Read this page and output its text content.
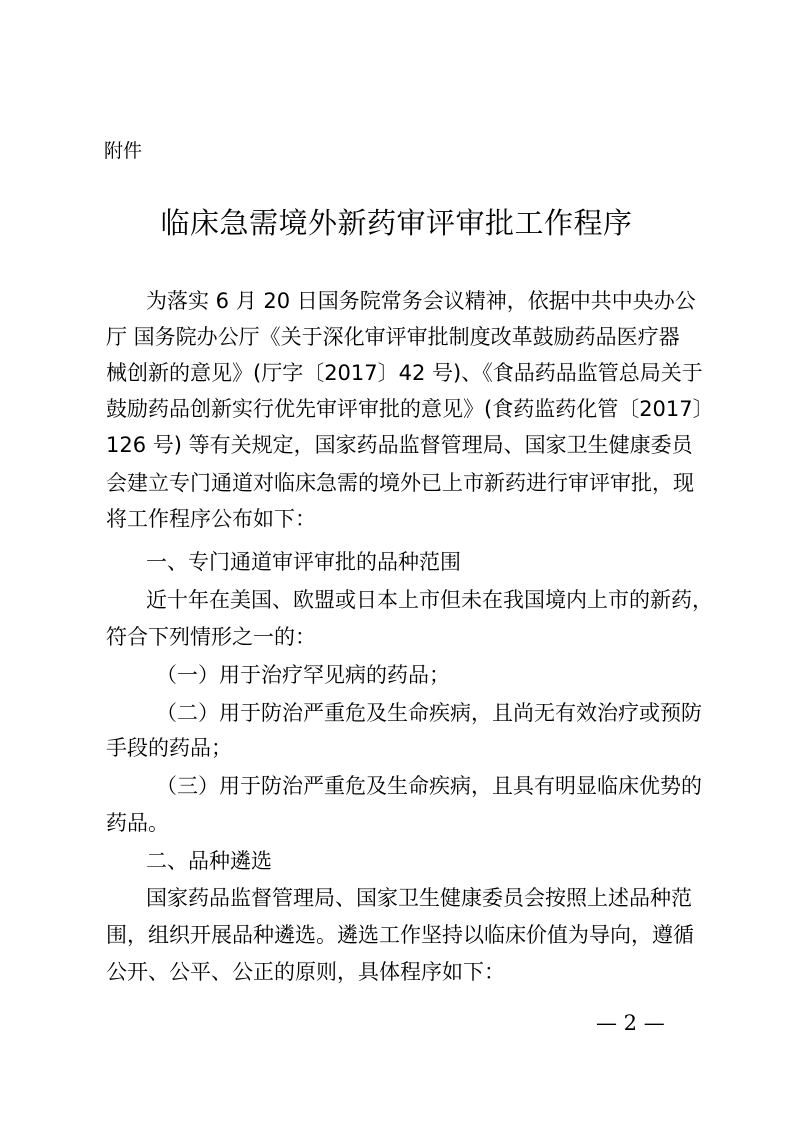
附件
临床急需境外新药审评审批工作程序
为落实 6 月 20 日国务院常务会议精神，依据中共中央办公
厅 国务院办公厅《关于深化审评审批制度改革鼓励药品医疗器
械创新的意见》(厅字〔2017〕42 号)、《食品药品监管总局关于
鼓励药品创新实行优先审评审批的意见》(食药监药化管〔2017〕
126 号) 等有关规定，国家药品监督管理局、国家卫生健康委员
会建立专门通道对临床急需的境外已上市新药进行审评审批，现
将工作程序公布如下：
一、专门通道审评审批的品种范围
近十年在美国、欧盟或日本上市但未在我国境内上市的新药，
符合下列情形之一的：
（一）用于治疗罕见病的药品；
（二）用于防治严重危及生命疾病，且尚无有效治疗或预防
手段的药品；
（三）用于防治严重危及生命疾病，且具有明显临床优势的
药品。
二、品种遴选
国家药品监督管理局、国家卫生健康委员会按照上述品种范
围，组织开展品种遴选。遴选工作坚持以临床价值为导向，遵循
公开、公平、公正的原则，具体程序如下：
— 2 —
